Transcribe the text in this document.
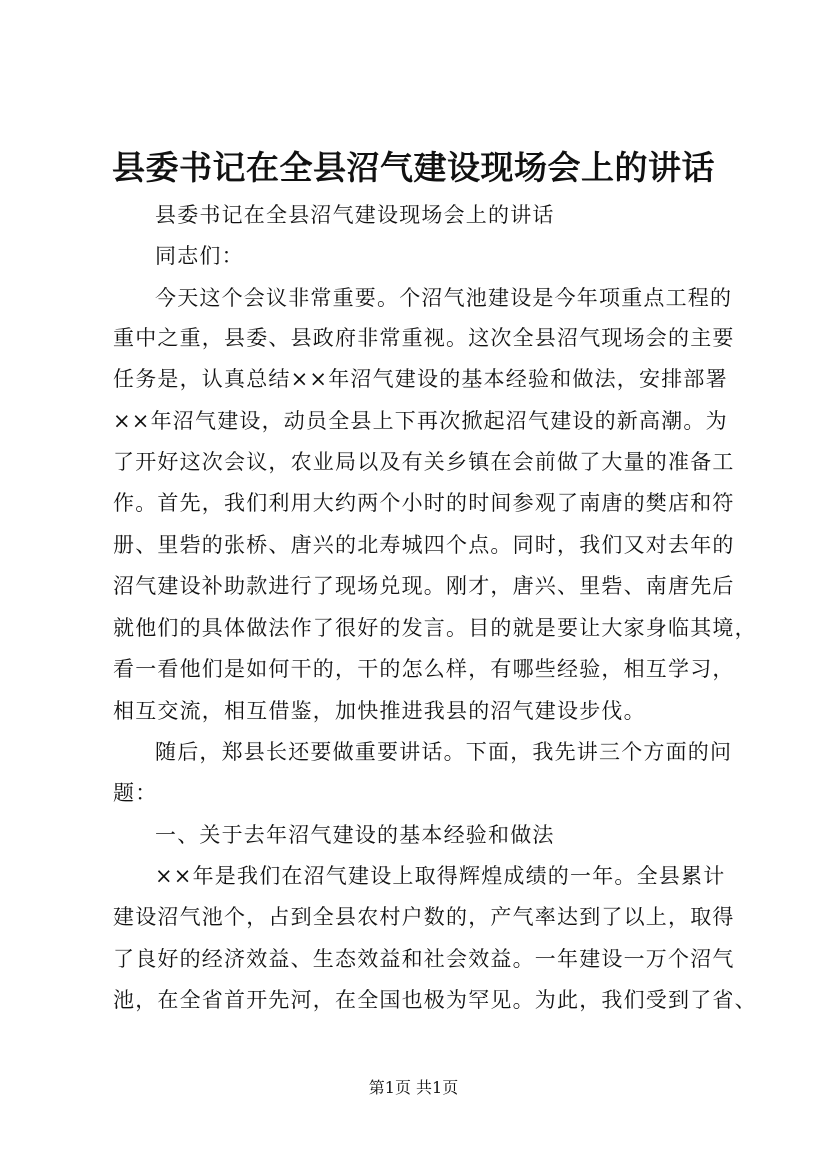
县委书记在全县沼气建设现场会上的讲话
县委书记在全县沼气建设现场会上的讲话
同志们：
今天这个会议非常重要。个沼气池建设是今年项重点工程的
重中之重，县委、县政府非常重视。这次全县沼气现场会的主要
任务是，认真总结××年沼气建设的基本经验和做法，安排部署
××年沼气建设，动员全县上下再次掀起沼气建设的新高潮。为
了开好这次会议，农业局以及有关乡镇在会前做了大量的准备工
作。首先，我们利用大约两个小时的时间参观了南唐的樊店和符
册、里砦的张桥、唐兴的北寿城四个点。同时，我们又对去年的
沼气建设补助款进行了现场兑现。刚才，唐兴、里砦、南唐先后
就他们的具体做法作了很好的发言。目的就是要让大家身临其境，
看一看他们是如何干的，干的怎么样，有哪些经验，相互学习，
相互交流，相互借鉴，加快推进我县的沼气建设步伐。
随后，郑县长还要做重要讲话。下面，我先讲三个方面的问
题：
一、关于去年沼气建设的基本经验和做法
××年是我们在沼气建设上取得辉煌成绩的一年。全县累计
建设沼气池个，占到全县农村户数的，产气率达到了以上，取得
了良好的经济效益、生态效益和社会效益。一年建设一万个沼气
池，在全省首开先河，在全国也极为罕见。为此，我们受到了省、
第1页 共1页
